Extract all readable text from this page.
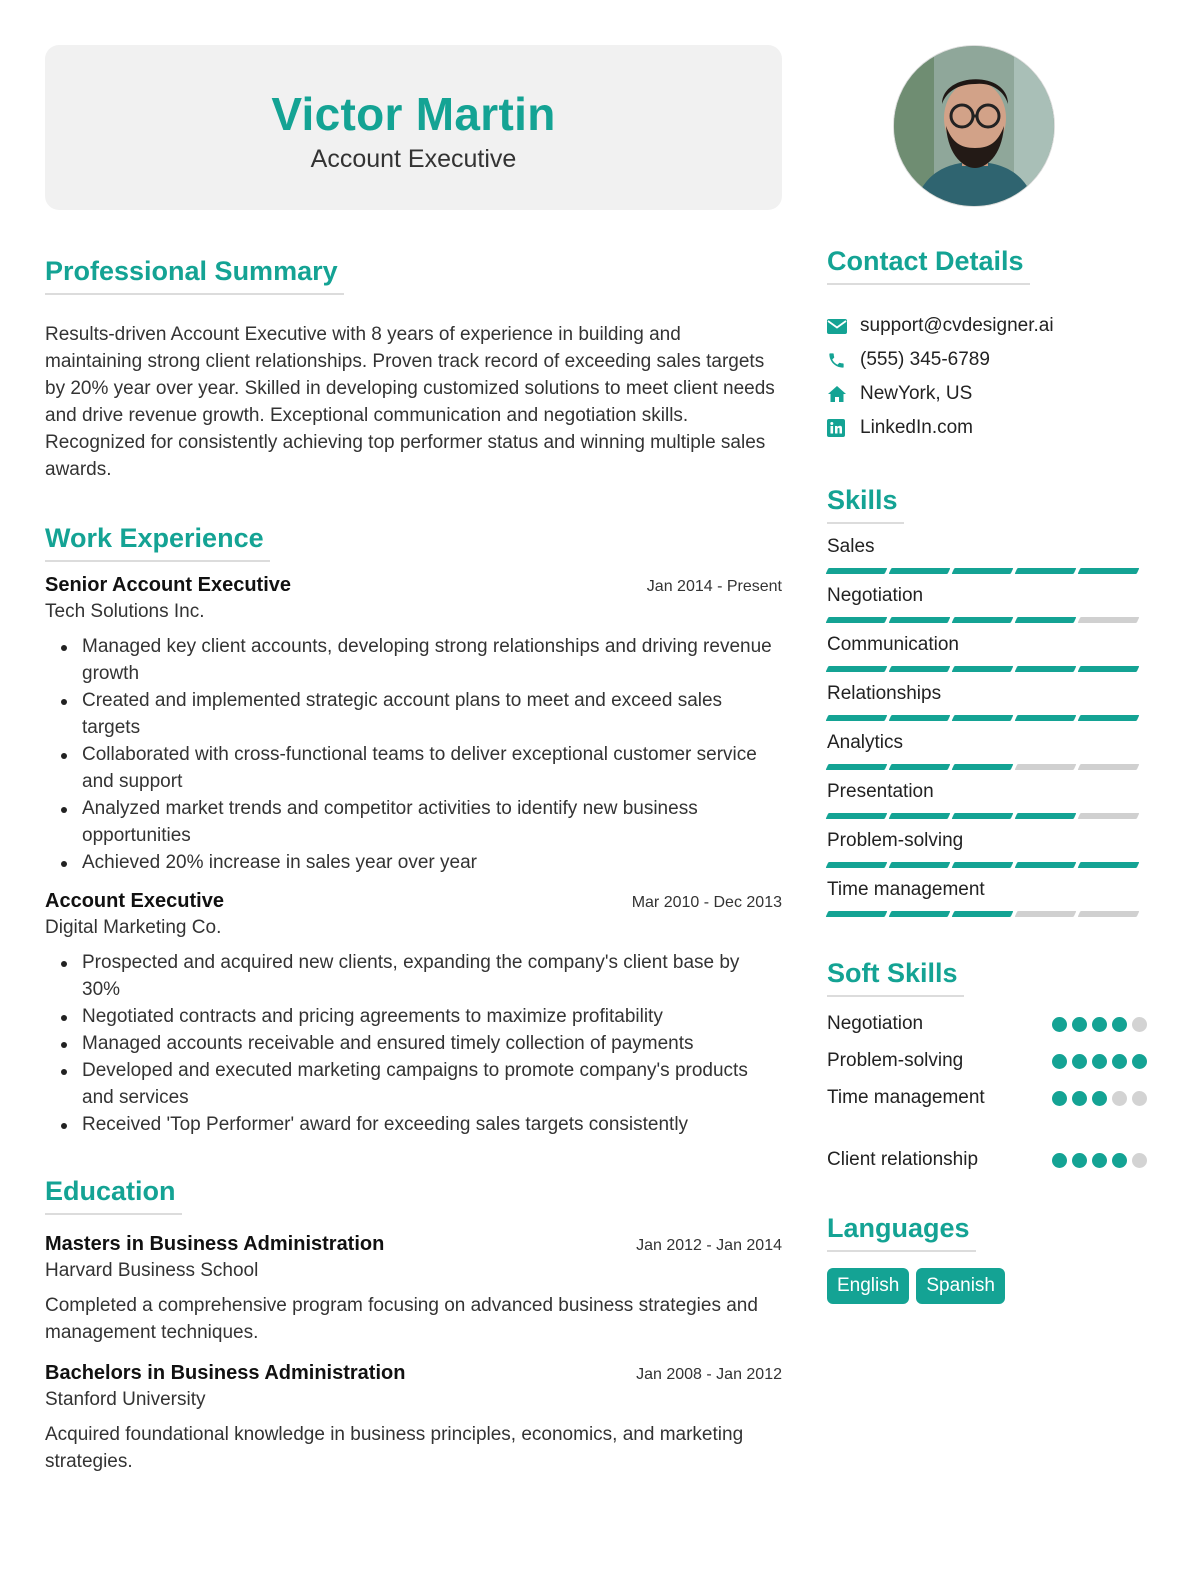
Victor Martin
Account Executive
Professional Summary

Results-driven Account Executive with 8 years of experience in building and maintaining strong client relationships. Proven track record of exceeding sales targets by 20% year over year. Skilled in developing customized solutions to meet client needs and drive revenue growth. Exceptional communication and negotiation skills. Recognized for consistently achieving top performer status and winning multiple sales awards.

Work Experience
Senior Account Executive	Jan 2014 - Present
Tech Solutions Inc.
Managed key client accounts, developing strong relationships and driving revenue growth
Created and implemented strategic account plans to meet and exceed sales targets
Collaborated with cross-functional teams to deliver exceptional customer service and support
Analyzed market trends and competitor activities to identify new business opportunities
Achieved 20% increase in sales year over year
Account Executive	Mar 2010 - Dec 2013
Digital Marketing Co.
Prospected and acquired new clients, expanding the company's client base by 30%
Negotiated contracts and pricing agreements to maximize profitability
Managed accounts receivable and ensured timely collection of payments
Developed and executed marketing campaigns to promote company's products and services
Received 'Top Performer' award for exceeding sales targets consistently
Education
Masters in Business Administration	Jan 2012 - Jan 2014
Harvard Business School

Completed a comprehensive program focusing on advanced business strategies and management techniques.

Bachelors in Business Administration	Jan 2008 - Jan 2012
Stanford University

Acquired foundational knowledge in business principles, economics, and marketing strategies.

Contact Details
support@cvdesigner.ai
(555) 345-6789
NewYork, US
LinkedIn.com
Skills
Sales
Negotiation
Communication
Relationships
Analytics
Presentation
Problem-solving
Time management
Soft Skills
Negotiation
Problem-solving
Time management
Client relationship
Languages
English	Spanish
